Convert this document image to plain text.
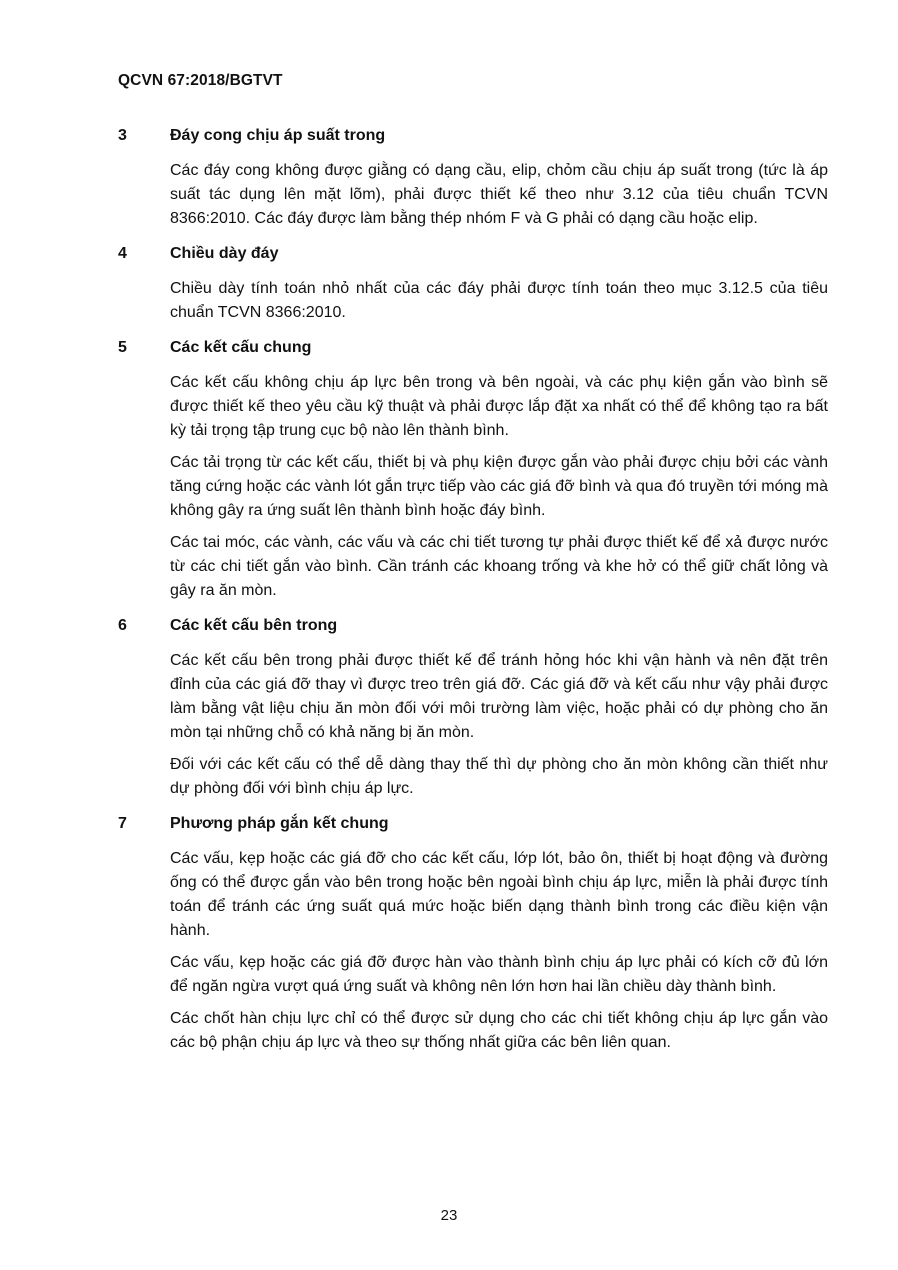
QCVN 67:2018/BGTVT
3	Đáy cong chịu áp suất trong

Các đáy cong không được giằng có dạng cầu, elip, chỏm cầu chịu áp suất trong (tức là áp suất tác dụng lên mặt lõm), phải được thiết kế theo như 3.12 của tiêu chuẩn TCVN 8366:2010. Các đáy được làm bằng thép nhóm F và G phải có dạng cầu hoặc elip.

4	Chiều dày đáy

Chiều dày tính toán nhỏ nhất của các đáy phải được tính toán theo mục 3.12.5 của tiêu chuẩn TCVN 8366:2010.

5	Các kết cấu chung

Các kết cấu không chịu áp lực bên trong và bên ngoài, và các phụ kiện gắn vào bình sẽ được thiết kế theo yêu cầu kỹ thuật và phải được lắp đặt xa nhất có thể để không tạo ra bất kỳ tải trọng tập trung cục bộ nào lên thành bình.

Các tải trọng từ các kết cấu, thiết bị và phụ kiện được gắn vào phải được chịu bởi các vành tăng cứng hoặc các vành lót gắn trực tiếp vào các giá đỡ bình và qua đó truyền tới móng mà không gây ra ứng suất lên thành bình hoặc đáy bình.

Các tai móc, các vành, các vấu và các chi tiết tương tự phải được thiết kế để xả được nước từ các chi tiết gắn vào bình. Cần tránh các khoang trống và khe hở có thể giữ chất lỏng và gây ra ăn mòn.

6	Các kết cấu bên trong

Các kết cấu bên trong phải được thiết kế để tránh hỏng hóc khi vận hành và nên đặt trên đỉnh của các giá đỡ thay vì được treo trên giá đỡ. Các giá đỡ và kết cấu như vậy phải được làm bằng vật liệu chịu ăn mòn đối với môi trường làm việc, hoặc phải có dự phòng cho ăn mòn tại những chỗ có khả năng bị ăn mòn.

Đối với các kết cấu có thể dễ dàng thay thế thì dự phòng cho ăn mòn không cần thiết như dự phòng đối với bình chịu áp lực.

7	Phương pháp gắn kết chung

Các vấu, kẹp hoặc các giá đỡ cho các kết cấu, lớp lót, bảo ôn, thiết bị hoạt động và đường ống có thể được gắn vào bên trong hoặc bên ngoài bình chịu áp lực, miễn là phải được tính toán để tránh các ứng suất quá mức hoặc biến dạng thành bình trong các điều kiện vận hành.

Các vấu, kẹp hoặc các giá đỡ được hàn vào thành bình chịu áp lực phải có kích cỡ đủ lớn để ngăn ngừa vượt quá ứng suất và không nên lớn hơn hai lần chiều dày thành bình.

Các chốt hàn chịu lực chỉ có thể được sử dụng cho các chi tiết không chịu áp lực gắn vào các bộ phận chịu áp lực và theo sự thống nhất giữa các bên liên quan.

23
